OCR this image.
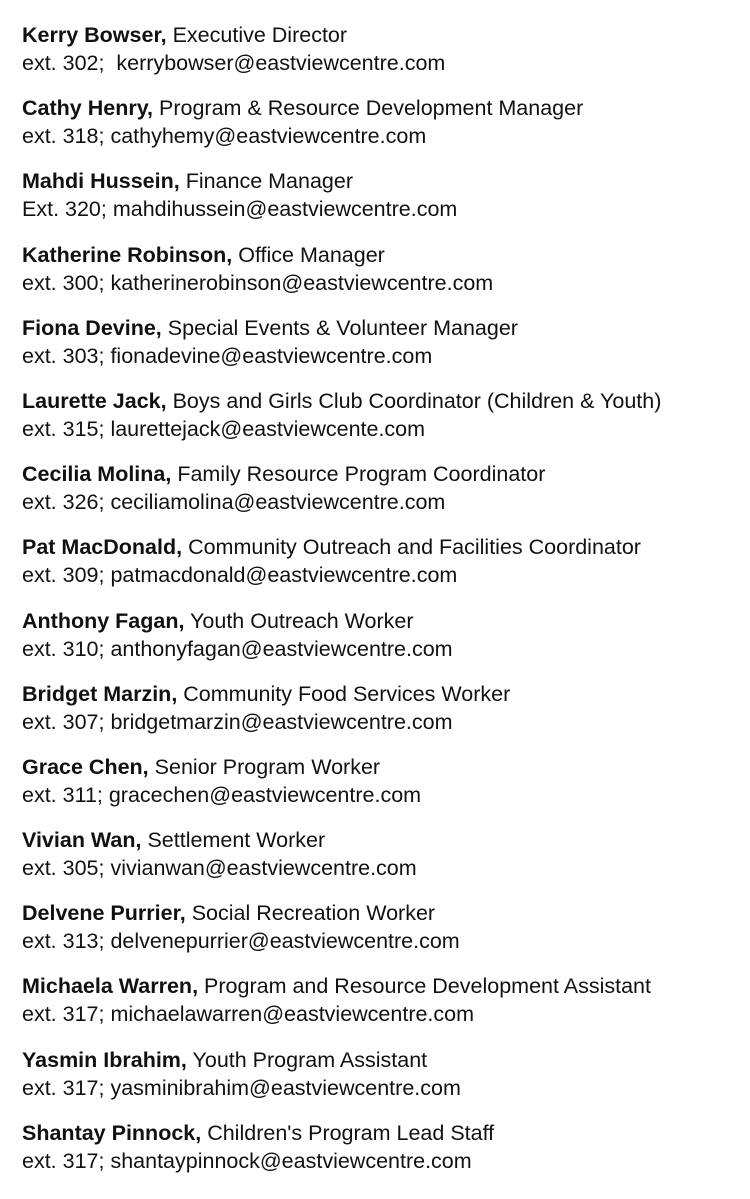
Kerry Bowser, Executive Director
ext. 302;  kerrybowser@eastviewcentre.com
Cathy Henry, Program & Resource Development Manager
ext. 318; cathyhemy@eastviewcentre.com
Mahdi Hussein, Finance Manager
Ext. 320; mahdihussein@eastviewcentre.com
Katherine Robinson, Office Manager
ext. 300; katherinerobinson@eastviewcentre.com
Fiona Devine, Special Events & Volunteer Manager
ext. 303; fionadevine@eastviewcentre.com
Laurette Jack, Boys and Girls Club Coordinator (Children & Youth)
ext. 315; laurettejack@eastviewcente.com
Cecilia Molina, Family Resource Program Coordinator
ext. 326; ceciliamolina@eastviewcentre.com
Pat MacDonald, Community Outreach and Facilities Coordinator
ext. 309; patmacdonald@eastviewcentre.com
Anthony Fagan, Youth Outreach Worker
ext. 310; anthonyfagan@eastviewcentre.com
Bridget Marzin, Community Food Services Worker
ext. 307; bridgetmarzin@eastviewcentre.com
Grace Chen, Senior Program Worker
ext. 311; gracechen@eastviewcentre.com
Vivian Wan, Settlement Worker
ext. 305; vivianwan@eastviewcentre.com
Delvene Purrier, Social Recreation Worker
ext. 313; delvenepurrier@eastviewcentre.com
Michaela Warren, Program and Resource Development Assistant
ext. 317; michaelawarren@eastviewcentre.com
Yasmin Ibrahim, Youth Program Assistant
ext. 317; yasminibrahim@eastviewcentre.com
Shantay Pinnock, Children's Program Lead Staff
ext. 317; shantaypinnock@eastviewcentre.com
